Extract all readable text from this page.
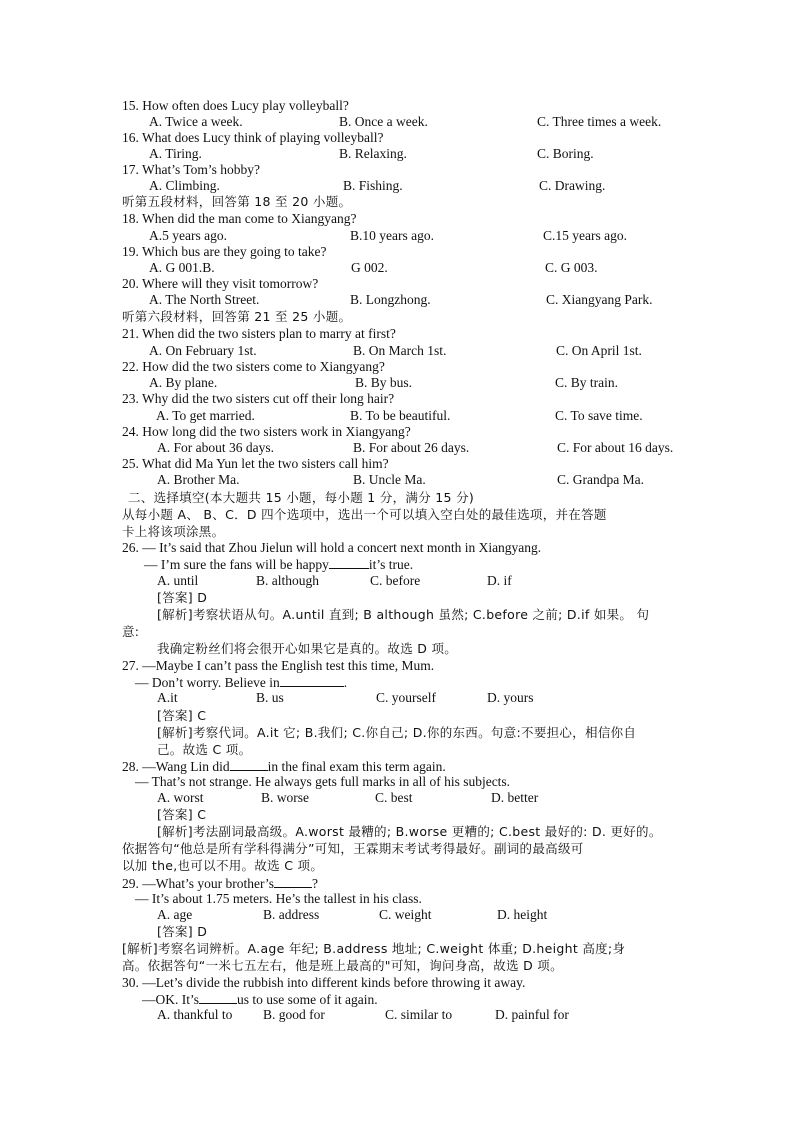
15. How often does Lucy play volleyball?
A. Twice a week.	B. Once a week.	C. Three times a week.
16. What does Lucy think of playing volleyball?
A. Tiring.	B. Relaxing.	C. Boring.
17. What’s Tom’s hobby?
A. Climbing.	B. Fishing.	C. Drawing.
听第五段材料，回答第 18 至 20 小题。
18. When did the man come to Xiangyang?
A.5 years ago.	B.10 years ago.	C.15 years ago.
19. Which bus are they going to take?
A. G 001.B.	G 002.	C. G 003.
20. Where will they visit tomorrow?
A. The North Street.	B. Longzhong.	C. Xiangyang Park.
听第六段材料，回答第 21 至 25 小题。
21. When did the two sisters plan to marry at first?
A. On February 1st.	B. On March 1st.	C. On April 1st.
22. How did the two sisters come to Xiangyang?
A. By plane.	B. By bus.	C. By train.
23. Why did the two sisters cut off their long hair?
A. To get married.	B. To be beautiful.	C. To save time.
24. How long did the two sisters work in Xiangyang?
A. For about 36 days.	B. For about 26 days.	C. For about 16 days.
25. What did Ma Yun let the two sisters call him?
A. Brother Ma.	B. Uncle Ma.	C. Grandpa Ma.
二、选择填空(本大题共 15 小题，每小题 1 分，满分 15 分)
从每小题 A、 B、C．D 四个选项中，选出一个可以填入空白处的最佳选项，并在答题
卡上将该项涂黑。
26. — It’s said that Zhou Jielun will hold a concert next month in Xiangyang.
— I’m sure the fans will be happy	it’s true.
A. until	B. although	C. before	D. if
[答案] D
[解析]考察状语从句。A.until 直到; B although 虽然; C.before 之前; D.if 如果。 句
意:
我确定粉丝们将会很开心如果它是真的。故选 D 项。
27. —Maybe I can’t pass the English test this time, Mum.
— Don’t worry. Believe in	.
A.it	B. us	C. yourself	D. yours
[答案] C
[解析]考察代词。A.it 它; B.我们; C.你自己; D.你的东西。句意:不要担心，相信你自
己。故选 C 项。
28. —Wang Lin did	in the final exam this term again.
— That’s not strange. He always gets full marks in all of his subjects.
A. worst	B. worse	C. best	D. better
[答案] C
[解析]考法副词最高级。A.worst 最糟的; B.worse 更糟的; C.best 最好的: D. 更好的。
依据答句“他总是所有学科得满分”可知，王霖期末考试考得最好。副词的最高级可
以加 the,也可以不用。故选 C 项。
29. —What’s your brother’s	?
— It’s about 1.75 meters. He’s the tallest in his class.
A. age	B. address	C. weight	D. height
[答案] D
[解析]考察名词辨析。A.age 年纪; B.address 地址; C.weight 体重; D.height 高度;身
高。依据答句“一米七五左右，他是班上最高的"可知，询问身高，故选 D 项。
30. —Let’s divide the rubbish into different kinds before throwing it away.
—OK. It’s	us to use some of it again.
A. thankful to B. good for	C. similar to	D. painful for
